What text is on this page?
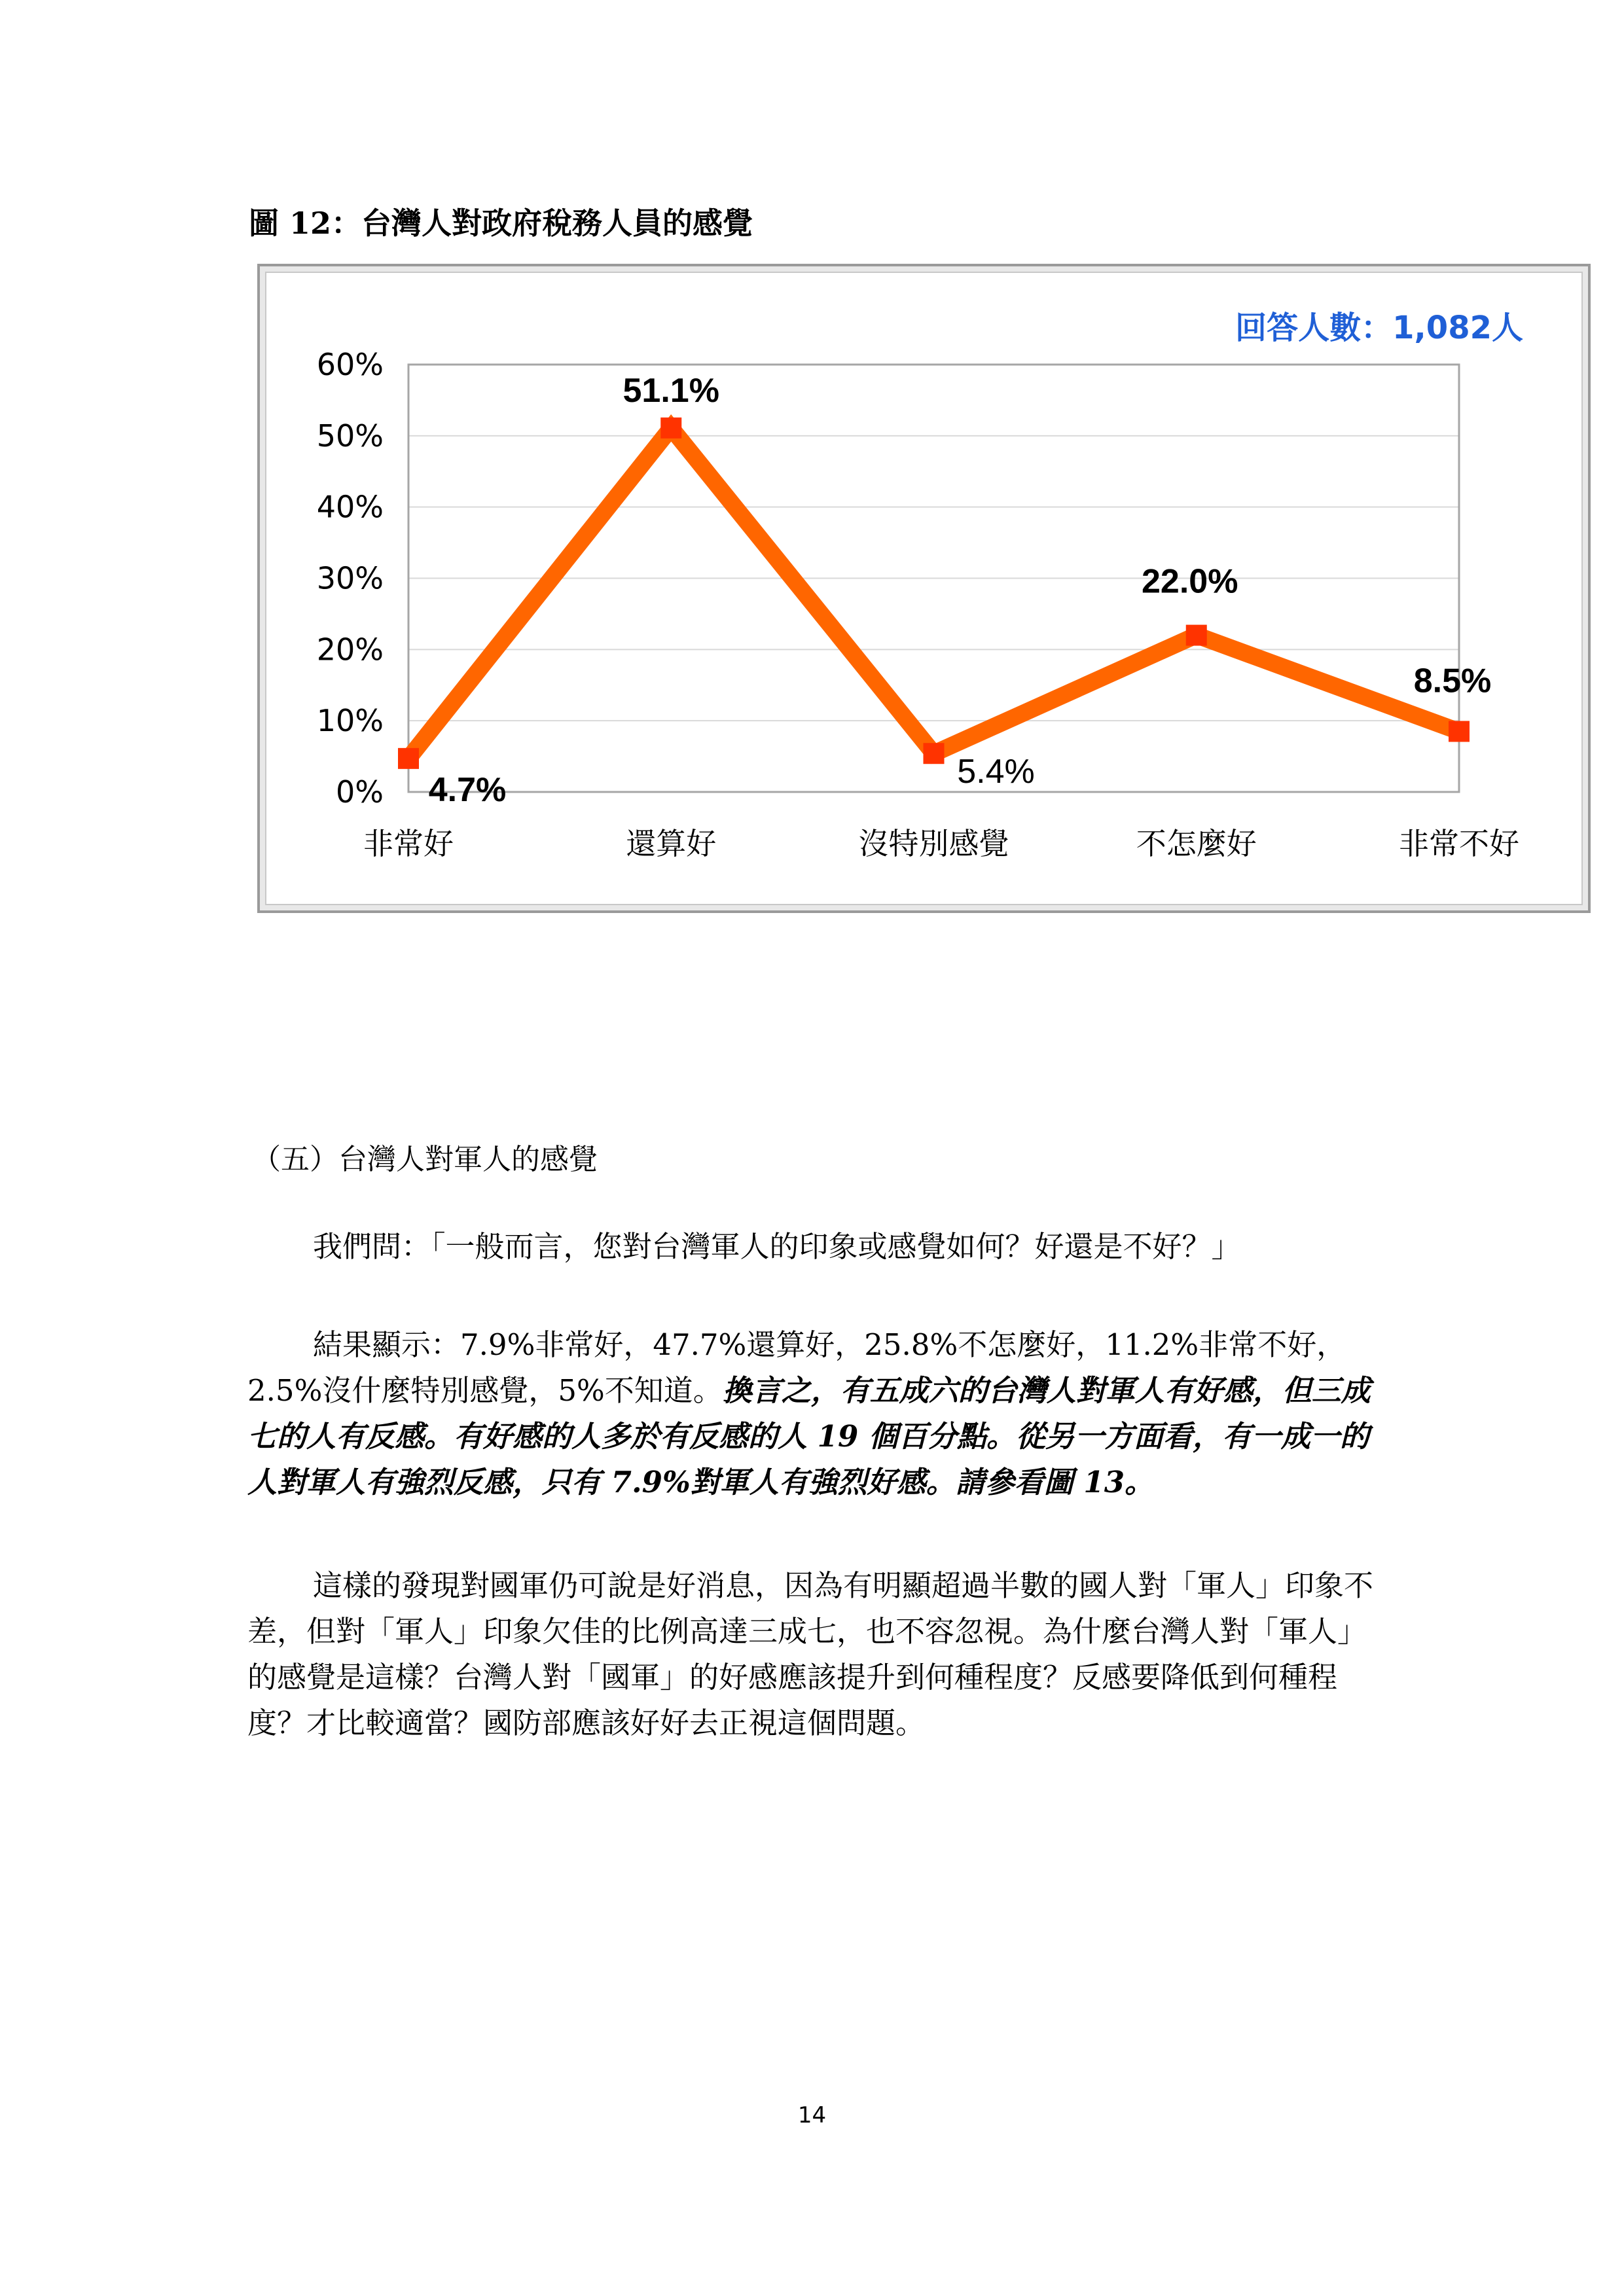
圖 12：台灣人對政府稅務人員的感覺
0%
10%
20%
30%
40%
50%
60%
非常好	還算好	沒特別感覺	不怎麼好	非常不好
4.7%
51.1%
5.4%
22.0%
8.5%
回答人數：1,082人
（五）台灣人對軍人的感覺

我們問：「一般而言，您對台灣軍人的印象或感覺如何？好還是不好？」

結果顯示：7.9%非常好，47.7%還算好，25.8%不怎麼好，11.2%非常不好，2.5%沒什麼特別感覺，5%不知道。換言之，有五成六的台灣人對軍人有好感，但三成七的人有反感。有好感的人多於有反感的人 19 個百分點。從另一方面看，有一成一的人對軍人有強烈反感，只有 7.9%對軍人有強烈好感。請參看圖 13。

這樣的發現對國軍仍可說是好消息，因為有明顯超過半數的國人對「軍人」印象不差，但對「軍人」印象欠佳的比例高達三成七，也不容忽視。為什麼台灣人對「軍人」的感覺是這樣？台灣人對「國軍」的好感應該提升到何種程度？反感要降低到何種程度？才比較適當？國防部應該好好去正視這個問題。

14
